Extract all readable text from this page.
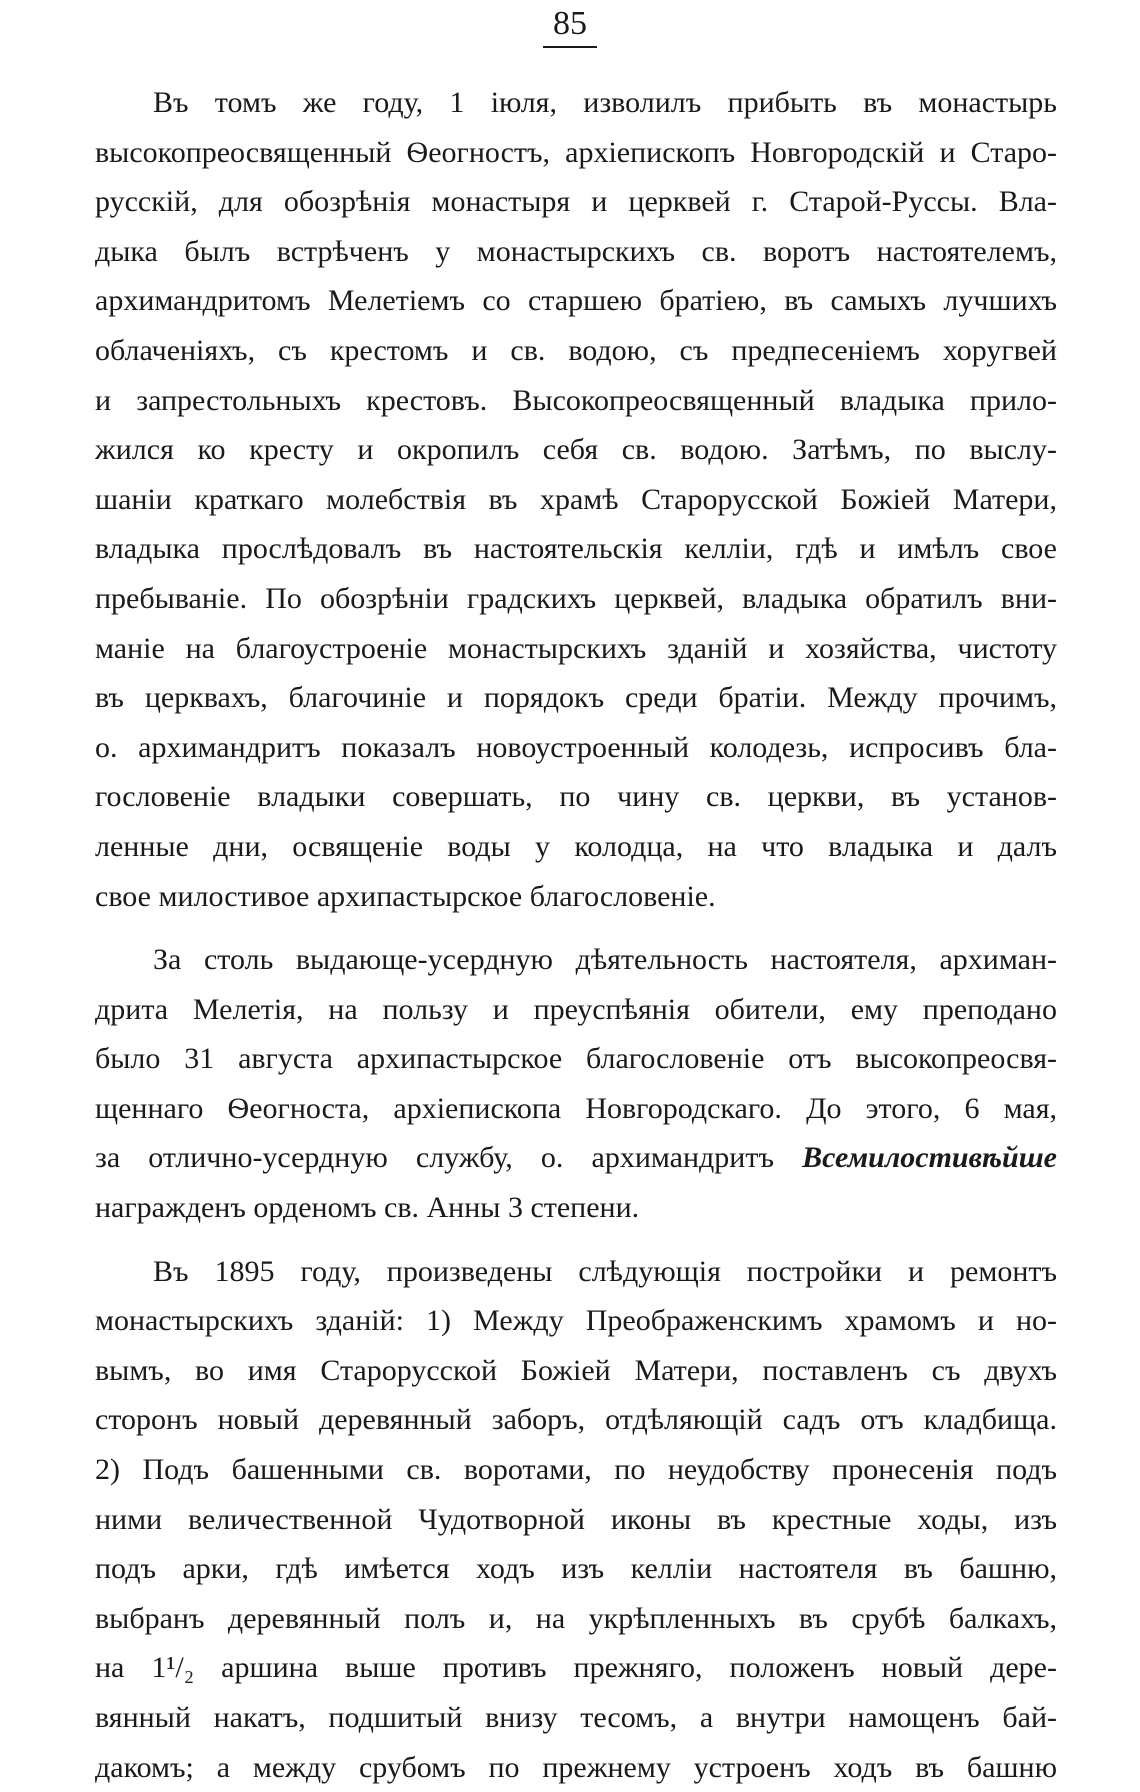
85

Въ томъ же году, 1 іюля, изволилъ прибыть въ монастырь
высокопреосвященный Ѳеогностъ, архіепископъ Новгородскій и Старо-
русскій, для обозрѣнія монастыря и церквей г. Старой-Руссы. Вла-
дыка былъ встрѣченъ у монастырскихъ св. воротъ настоятелемъ,
архимандритомъ Мелетіемъ со старшею братіею, въ самыхъ лучшихъ
облаченіяхъ, съ крестомъ и св. водою, съ предпесеніемъ хоругвей
и запрестольныхъ крестовъ. Высокопреосвященный владыка прило-
жился ко кресту и окропилъ себя св. водою. Затѣмъ, по выслу-
шаніи краткаго молебствія въ храмѣ Старорусской Божіей Матери,
владыка прослѣдовалъ въ настоятельскія келліи, гдѣ и имѣлъ свое
пребываніе. По обозрѣніи градскихъ церквей, владыка обратилъ вни-
маніе на благоустроеніе монастырскихъ зданій и хозяйства, чистоту
въ церквахъ, благочиніе и порядокъ среди братіи. Между прочимъ,
о. архимандритъ показалъ новоустроенный колодезь, испросивъ бла-
гословеніе владыки совершать, по чину св. церкви, въ установ-
ленные дни, освященіе воды у колодца, на что владыка и далъ
свое милостивое архипастырское благословеніе.

За столь выдающе-усердную дѣятельность настоятеля, архиман-
дрита Мелетія, на пользу и преуспѣянія обители, ему преподано
было 31 августа архипастырское благословеніе отъ высокопреосвя-
щеннаго Ѳеогноста, архіепископа Новгородскаго. До этого, 6 мая,
за отлично-усердную службу, о. архимандритъ Всемилостивѣйше
награжденъ орденомъ св. Анны 3 степени.

Въ 1895 году, произведены слѣдующія постройки и ремонтъ
монастырскихъ зданій: 1) Между Преображенскимъ храмомъ и но-
вымъ, во имя Старорусской Божіей Матери, поставленъ съ двухъ
сторонъ новый деревянный заборъ, отдѣляющій садъ отъ кладбища.
2) Подъ башенными св. воротами, по неудобству пронесенія подъ
ними величественной Чудотворной иконы въ крестные ходы, изъ
подъ арки, гдѣ имѣется ходъ изъ келліи настоятеля въ башню,
выбранъ деревянный полъ и, на укрѣпленныхъ въ срубѣ балкахъ,
на 1¹/₂ аршина выше противъ прежняго, положенъ новый дере-
вянный накатъ, подшитый внизу тесомъ, а внутри намощенъ бай-
дакомъ; а между срубомъ по прежнему устроенъ ходъ въ башню
